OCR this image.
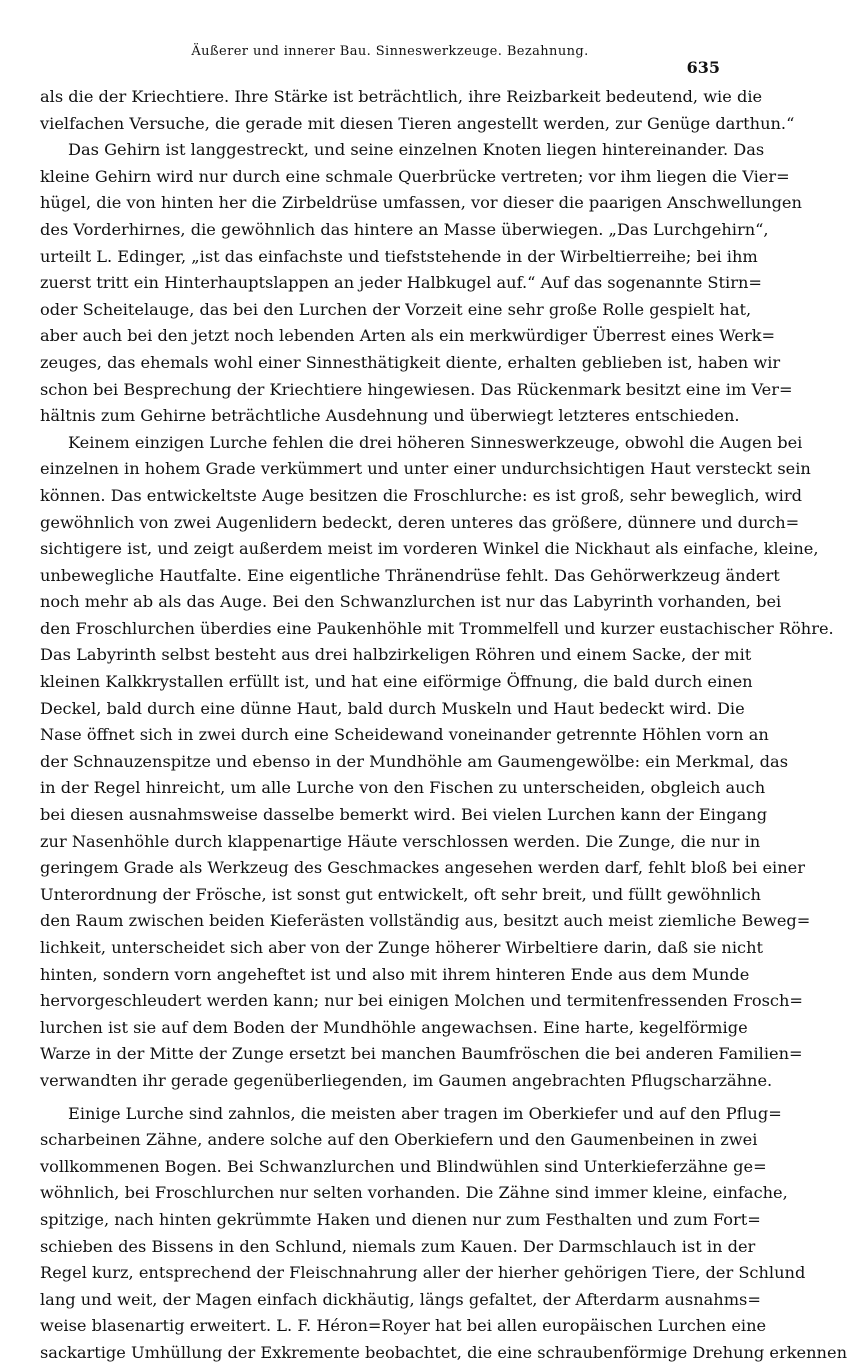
Äußerer und innerer Bau. Sinneswerkzeuge. Bezahnung.
635
als die der Kriechtiere. Ihre Stärke ist beträchtlich, ihre Reizbarkeit bedeutend, wie die
vielfachen Versuche, die gerade mit diesen Tieren angestellt werden, zur Genüge darthun.“
Das Gehirn ist langgestreckt, und seine einzelnen Knoten liegen hintereinander. Das
kleine Gehirn wird nur durch eine schmale Querbrücke vertreten; vor ihm liegen die Vier=
hügel, die von hinten her die Zirbeldrüse umfassen, vor dieser die paarigen Anschwellungen
des Vorderhirnes, die gewöhnlich das hintere an Masse überwiegen. „Das Lurchgehirn“,
urteilt L. Edinger, „ist das einfachste und tiefststehende in der Wirbeltierreihe; bei ihm
zuerst tritt ein Hinterhauptslappen an jeder Halbkugel auf.“ Auf das sogenannte Stirn=
oder Scheitelauge, das bei den Lurchen der Vorzeit eine sehr große Rolle gespielt hat,
aber auch bei den jetzt noch lebenden Arten als ein merkwürdiger Überrest eines Werk=
zeuges, das ehemals wohl einer Sinnesthätigkeit diente, erhalten geblieben ist, haben wir
schon bei Besprechung der Kriechtiere hingewiesen. Das Rückenmark besitzt eine im Ver=
hältnis zum Gehirne beträchtliche Ausdehnung und überwiegt letzteres entschieden.
Keinem einzigen Lurche fehlen die drei höheren Sinneswerkzeuge, obwohl die Augen bei
einzelnen in hohem Grade verkümmert und unter einer undurchsichtigen Haut versteckt sein
können. Das entwickeltste Auge besitzen die Froschlurche: es ist groß, sehr beweglich, wird
gewöhnlich von zwei Augenlidern bedeckt, deren unteres das größere, dünnere und durch=
sichtigere ist, und zeigt außerdem meist im vorderen Winkel die Nickhaut als einfache, kleine,
unbewegliche Hautfalte. Eine eigentliche Thränendrüse fehlt. Das Gehörwerkzeug ändert
noch mehr ab als das Auge. Bei den Schwanzlurchen ist nur das Labyrinth vorhanden, bei
den Froschlurchen überdies eine Paukenhöhle mit Trommelfell und kurzer eustachischer Röhre.
Das Labyrinth selbst besteht aus drei halbzirkeligen Röhren und einem Sacke, der mit
kleinen Kalkkrystallen erfüllt ist, und hat eine eiförmige Öffnung, die bald durch einen
Deckel, bald durch eine dünne Haut, bald durch Muskeln und Haut bedeckt wird. Die
Nase öffnet sich in zwei durch eine Scheidewand voneinander getrennte Höhlen vorn an
der Schnauzenspitze und ebenso in der Mundhöhle am Gaumengewölbe: ein Merkmal, das
in der Regel hinreicht, um alle Lurche von den Fischen zu unterscheiden, obgleich auch
bei diesen ausnahmsweise dasselbe bemerkt wird. Bei vielen Lurchen kann der Eingang
zur Nasenhöhle durch klappenartige Häute verschlossen werden. Die Zunge, die nur in
geringem Grade als Werkzeug des Geschmackes angesehen werden darf, fehlt bloß bei einer
Unterordnung der Frösche, ist sonst gut entwickelt, oft sehr breit, und füllt gewöhnlich
den Raum zwischen beiden Kieferästen vollständig aus, besitzt auch meist ziemliche Beweg=
lichkeit, unterscheidet sich aber von der Zunge höherer Wirbeltiere darin, daß sie nicht
hinten, sondern vorn angeheftet ist und also mit ihrem hinteren Ende aus dem Munde
hervorgeschleudert werden kann; nur bei einigen Molchen und termitenfressenden Frosch=
lurchen ist sie auf dem Boden der Mundhöhle angewachsen. Eine harte, kegelförmige
Warze in der Mitte der Zunge ersetzt bei manchen Baumfröschen die bei anderen Familien=
verwandten ihr gerade gegenüberliegenden, im Gaumen angebrachten Pflugscharzähne.
Einige Lurche sind zahnlos, die meisten aber tragen im Oberkiefer und auf den Pflug=
scharbeinen Zähne, andere solche auf den Oberkiefern und den Gaumenbeinen in zwei
vollkommenen Bogen. Bei Schwanzlurchen und Blindwühlen sind Unterkieferzähne ge=
wöhnlich, bei Froschlurchen nur selten vorhanden. Die Zähne sind immer kleine, einfache,
spitzige, nach hinten gekrümmte Haken und dienen nur zum Festhalten und zum Fort=
schieben des Bissens in den Schlund, niemals zum Kauen. Der Darmschlauch ist in der
Regel kurz, entsprechend der Fleischnahrung aller der hierher gehörigen Tiere, der Schlund
lang und weit, der Magen einfach dickhäutig, längs gefaltet, der Afterdarm ausnahms=
weise blasenartig erweitert. L. F. Héron=Royer hat bei allen europäischen Lurchen eine
sackartige Umhüllung der Exkremente beobachtet, die eine schraubenförmige Drehung erkennen
